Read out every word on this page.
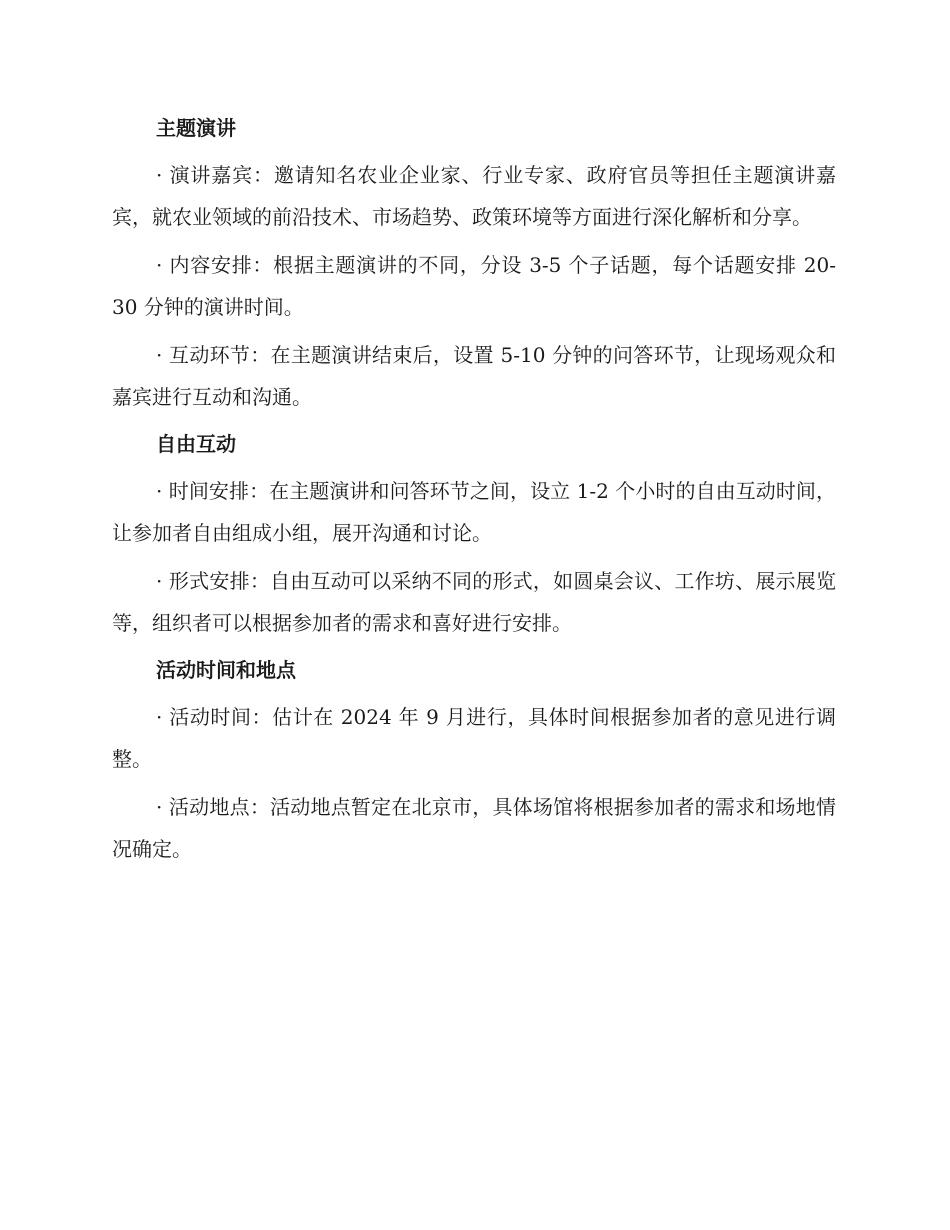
主题演讲

· 演讲嘉宾：邀请知名农业企业家、行业专家、政府官员等担任主题演讲嘉宾，就农业领域的前沿技术、市场趋势、政策环境等方面进行深化解析和分享。

· 内容安排：根据主题演讲的不同，分设 3-5 个子话题，每个话题安排 20-30 分钟的演讲时间。

· 互动环节：在主题演讲结束后，设置 5-10 分钟的问答环节，让现场观众和嘉宾进行互动和沟通。

自由互动

· 时间安排：在主题演讲和问答环节之间，设立 1-2 个小时的自由互动时间，让参加者自由组成小组，展开沟通和讨论。

· 形式安排：自由互动可以采纳不同的形式，如圆桌会议、工作坊、展示展览等，组织者可以根据参加者的需求和喜好进行安排。

活动时间和地点

· 活动时间：估计在 2024 年 9 月进行，具体时间根据参加者的意见进行调整。

· 活动地点：活动地点暂定在北京市，具体场馆将根据参加者的需求和场地情况确定。
